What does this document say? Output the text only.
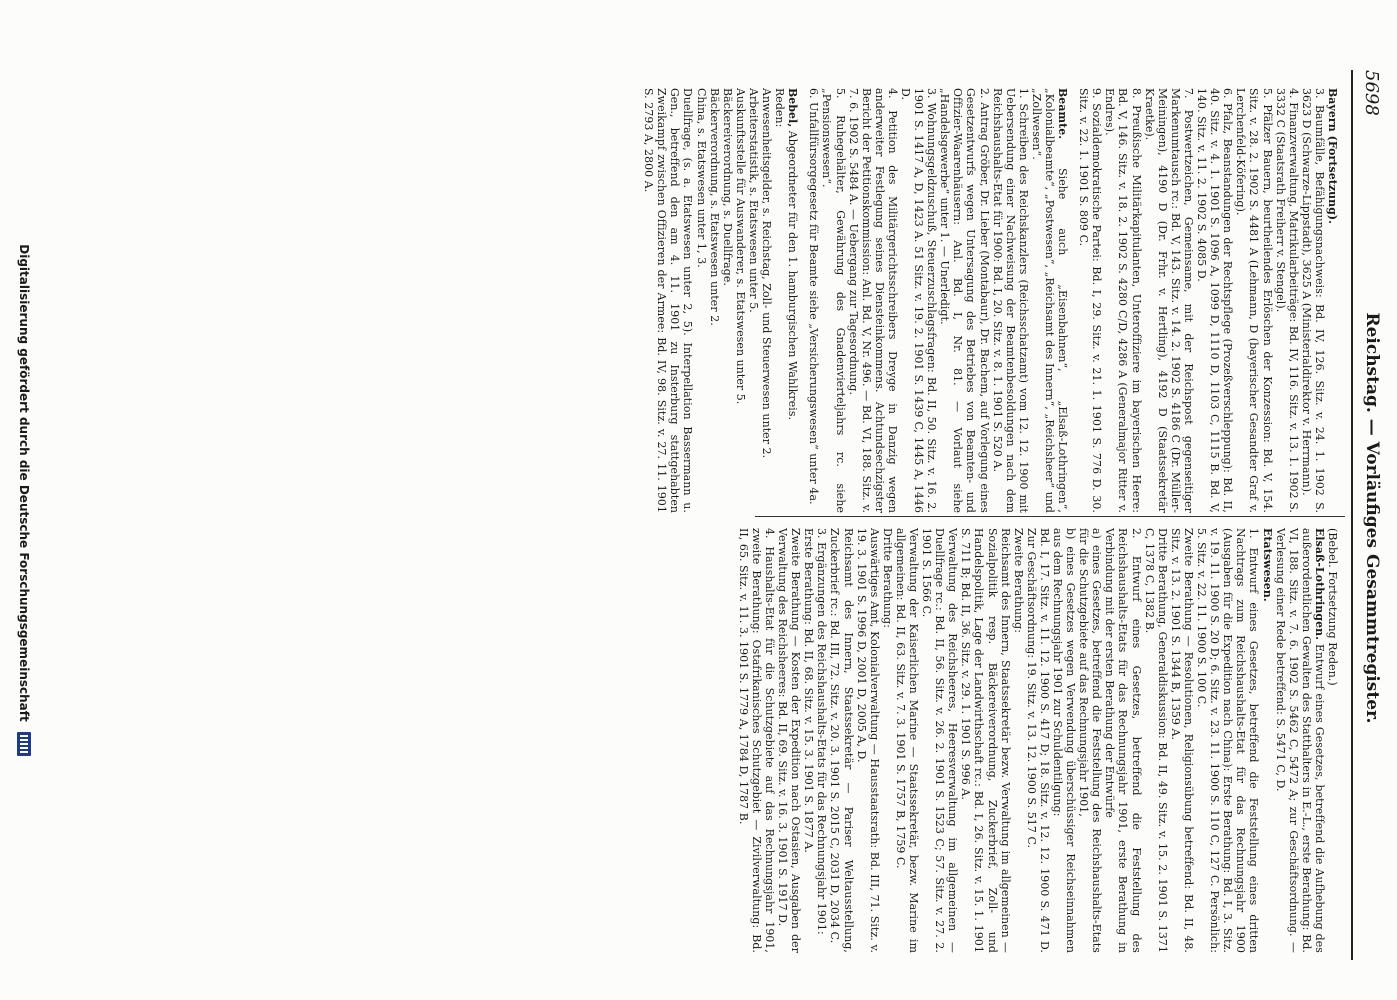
5698
Reichstag. — Vorläufiges Gesammtregister.

Bayern (Fortsetzung).

3. Baumfälle, Befähigungsnachweis: Bd. IV, 126. Sitz. v. 24. 1. 1902 S. 3623 D (Schwarze-Lippstadt), 3625 A (Ministerialdirektor v. Herrmann).

4. Finanzverwaltung, Matrikularbeiträge: Bd. IV, 116. Sitz. v. 13. 1. 1902 S. 3332 C (Staatsrath Freiherr v. Stengel).

5. Pfälzer Bauern, beurtheilendes Erlöschen der Konzession: Bd. V, 154. Sitz. v. 28. 2. 1902 S. 4481 A (Lehmann, D (bayerischer Gesandter Graf v. Lerchenfeld-Köfering).

6. Pfalz, Beanstandungen der Rechtspflege (Prozeßverschleppung): Bd. II, 40. Sitz. v. 4. 1. 1901 S. 1096 A, 1099 D, 1110 D, 1103 C, 1115 B. Bd. V, 140. Sitz. v. 11. 2. 1902 S. 4085 D.

7. Postwertzeichen, Gemeinsame, mit der Reichspost gegenseitiger Markenumtausch rc.: Bd. V, 143. Sitz. v. 14. 2. 1902 S. 4186 C (Dr. Müller-Meiningen), 4190 D (Dr. Frhr. v. Hertling), 4192 D (Staatssekretär Kraetke).

8. Preußische Militärkapitulanten, Unteroffiziere im bayerischen Heere: Bd. V, 146. Sitz. v. 18. 2. 1902 S. 4280 C/D, 4286 A (Generalmajor Ritter v. Endres).

9. Sozialdemokratische Partei: Bd. I, 29. Sitz. v. 21. 1. 1901 S. 776 D. 30. Sitz. v. 22. 1. 1901 S. 809 C.

Beamte. Siehe auch „Eisenbahnen“, „Elsaß-Lothringen“, „Kolonialbeamte“, „Postwesen“, „Reichsamt des Innern“, „Reichsheer“ und „Zollwesen“.

1. Schreiben des Reichskanzlers (Reichsschatzamt) vom 12. 12. 1900 mit Uebersendung einer Nachweisung der Beamtenbesoldungen nach dem Reichshaushalts-Etat für 1900: Bd. I, 20. Sitz. v. 8. 1. 1901 S. 520 A.

2. Antrag Gröber, Dr. Lieber (Montabaur), Dr. Bachem, auf Vorlegung eines Gesetzentwurfs wegen Untersagung des Betriebes von Beamten- und Offizier-Waarenhäusern: Anl. Bd. I, Nr. 81. — Vorlaut siehe „Handelsgewerbe“ unter 1. — Unerledigt.

3. Wohnungsgeldzuschuß, Steuerzuschlagsfragen: Bd. II, 50. Sitz. v. 16. 2. 1901 S. 1417 A, D, 1423 A. 51 Sitz. v. 19. 2. 1901 S. 1439 C, 1445 A, 1446 D.

4. Petition des Militärgerichtsschreibers Dreyge in Danzig wegen anderweiter Festlegung seines Diensteinkommens. Achtundsechzigster Bericht der Petitionskommission: Anl. Bd. V, Nr. 496. — Bd. VI, 188. Sitz. v. 7. 6. 1902 S. 5484 A. — Uebergang zur Tagesordnung.

5. Ruhegehälter, Gewährung des Gnadenvierteljahrs rc. siehe „Pensionswesen“.

6. Unfallfürsorgegesetz für Beamte siehe „Versicherungswesen“ unter 4a.

Bebel, Abgeordneter für den 1. hamburgischen Wahlkreis.

Reden:

Anwesenheitsgelder, s. Reichstag, Zoll- und Steuerwesen unter 2.

Arbeiterstatistik, s. Etatswesen unter 5.

Auskunftsstelle für Auswanderer, s. Etatswesen unter 5.

Bäckereiverordnung, s. Duellfrage.

Bäckerverordnung, s. Etatswesen unter 2.

China, s. Etatswesen unter 1, 3.

Duellfrage, (s. a. Etatswesen unter 2, 5). Interpellation Bassermann u. Gen., betreffend den am 4. 11. 1901 zu Insterburg stattgehabten Zweikampf zwischen Offizieren der Armee: Bd. IV, 98. Sitz. v. 27. 11. 1901 S. 2793 A, 2800 A.

(Bebel. Fortsetzung Reden.)

Elsaß-Lothringen. Entwurf eines Gesetzes, betreffend die Aufhebung des außerordentlichen Gewalten des Statthalters in E.-L., erste Berathung: Bd. VI, 188. Sitz. v. 7. 6. 1902 S. 5462 C, 5472 A; zur Geschäftsordnung. — Verlesung einer Rede betreffend: S. 5471 C, D.

Etatswesen.

1. Entwurf eines Gesetzes, betreffend die Feststellung eines dritten Nachtrags zum Reichshaushalts-Etat für das Rechnungsjahr 1900 (Ausgaben für die Expedition nach China): Erste Berathung: Bd. I, 3. Sitz. v. 19. 11. 1900 S. 20 D; 6. Sitz. v. 23. 11. 1900 S. 110 C, 127 C. Persönlich: 5. Sitz. v. 22. 11. 1900 S. 100 C.

Zweite Berathung — Resolutionen, Religionsübung betreffend: Bd. II, 48. Sitz. v. 13. 2. 1901 S. 1344 B, 1359 A.

Dritte Berathung, Generaldiskussion: Bd. II, 49. Sitz. v. 15. 2. 1901 S. 1371 C, 1378 C, 1382 B.

2. Entwurf eines Gesetzes, betreffend die Feststellung des Reichshaushalts-Etats für das Rechnungsjahr 1901, erste Berathung in Verbindung mit der ersten Berathung der Entwürfe

a) eines Gesetzes, betreffend die Feststellung des Reichshaushalts-Etats für die Schutzgebiete auf das Rechnungsjahr 1901,

b) eines Gesetzes wegen Verwendung überschüssiger Reichseinnahmen aus dem Rechnungsjahr 1901 zur Schuldentilgung:

Bd. I, 17. Sitz. v. 11. 12. 1900 S. 417 D; 18. Sitz. v. 12. 12. 1900 S. 471 D. Zur Geschäftsordnung: 19. Sitz. v. 13. 12. 1900 S. 517 C.

Zweite Berathung:

Reichsamt des Innern, Staatssekretär bezw. Verwaltung im allgemeinen — Sozialpolitik resp. Bäckereiverordnung, Zuckerbrief, Zoll- und Handelspolitik, Lage der Landwirthschaft rc.: Bd. I, 26. Sitz. v. 15. 1. 1901 S. 711 B; Bd. II, 36. Sitz. v. 29. 1. 1901 S. 996 A.

Verwaltung des Reichsheeres, Heeresverwaltung im allgemeinen — Duellfrage rc.: Bd. II, 56. Sitz. v. 26. 2. 1901 S. 1523 C; 57. Sitz. v. 27. 2. 1901 S. 1566 C.

Verwaltung der Kaiserlichen Marine — Staatssekretär, bezw. Marine im allgemeinen: Bd. II, 63. Sitz. v. 7. 3. 1901 S. 1757 B, 1759 C.

Dritte Berathung:

Auswärtiges Amt, Kolonialverwaltung — Hausstaatsrath: Bd. III, 71. Sitz. v. 19. 3. 1901 S. 1996 D, 2001 D, 2005 A, D.

Reichsamt des Innern, Staatssekretär — Pariser Weltausstellung, Zuckerbrief rc.: Bd. III, 72. Sitz. v. 20. 3. 1901 S. 2015 C, 2031 D, 2034 C.

3. Ergänzungen des Reichshaushalts-Etats für das Rechnungsjahr 1901:

Erste Berathung: Bd. II, 68. Sitz. v. 15. 3. 1901 S. 1877 A.

Zweite Berathung — Kosten der Expedition nach Ostasien, Ausgaben der Verwaltung des Reichsheeres: Bd. II, 69. Sitz. v. 16. 3. 1901 S. 1917 D.

4. Haushalts-Etat für die Schutzgebiete auf das Rechnungsjahr 1901, zweite Berathung: Ostafrikanisches Schutzgebiet — Zivilverwaltung: Bd. II, 65. Sitz. v. 11. 3. 1901 S. 1779 A, 1784 D, 1787 B.

Digitalisierung gefördert durch die Deutsche Forschungsgemeinschaft
